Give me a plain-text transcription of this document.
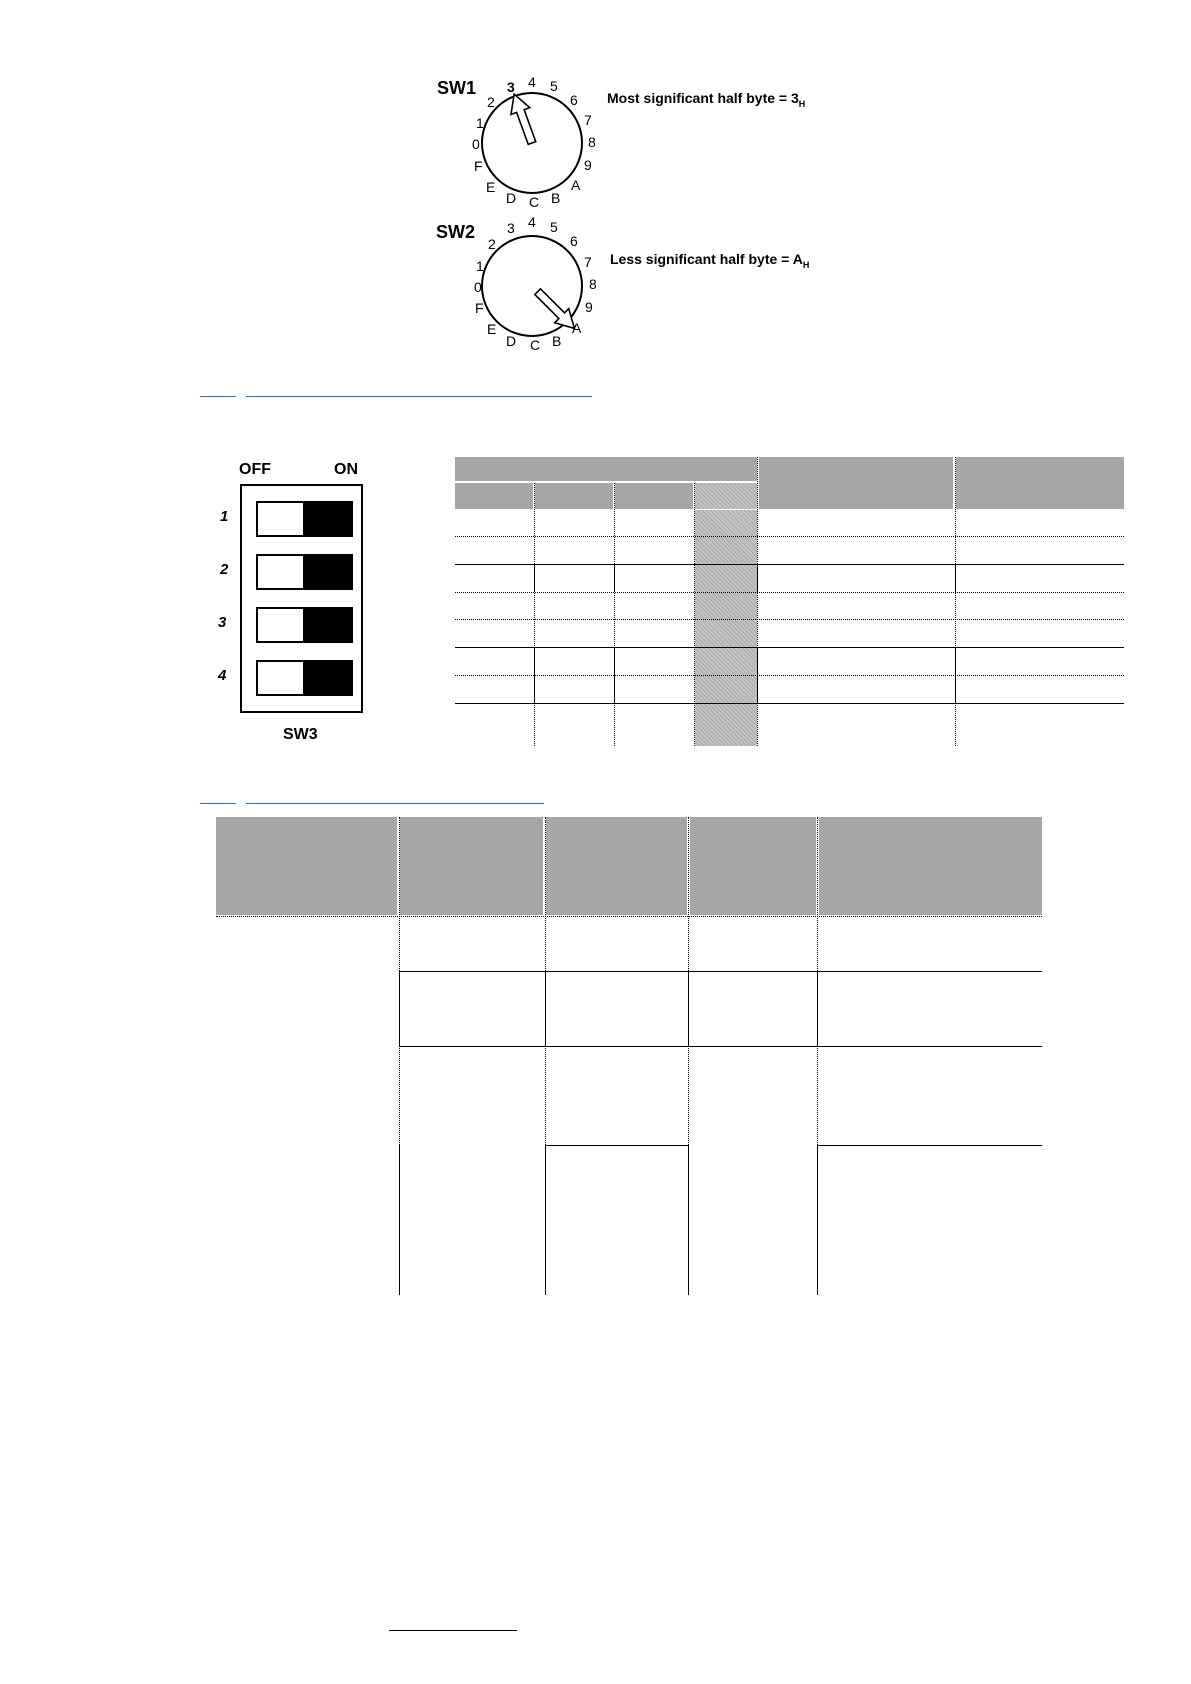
SW1
0
1
2
3 4 5
6
7
8
9
A
B
C
D
E
F
Most significant half byte = $3_H$
SW2
0
1
2
3 4 5
6
7
8
9
A
B
C
D
E
F
Less significant half byte = $A_H$
OFF	ON
1
2
3
4
SW3
